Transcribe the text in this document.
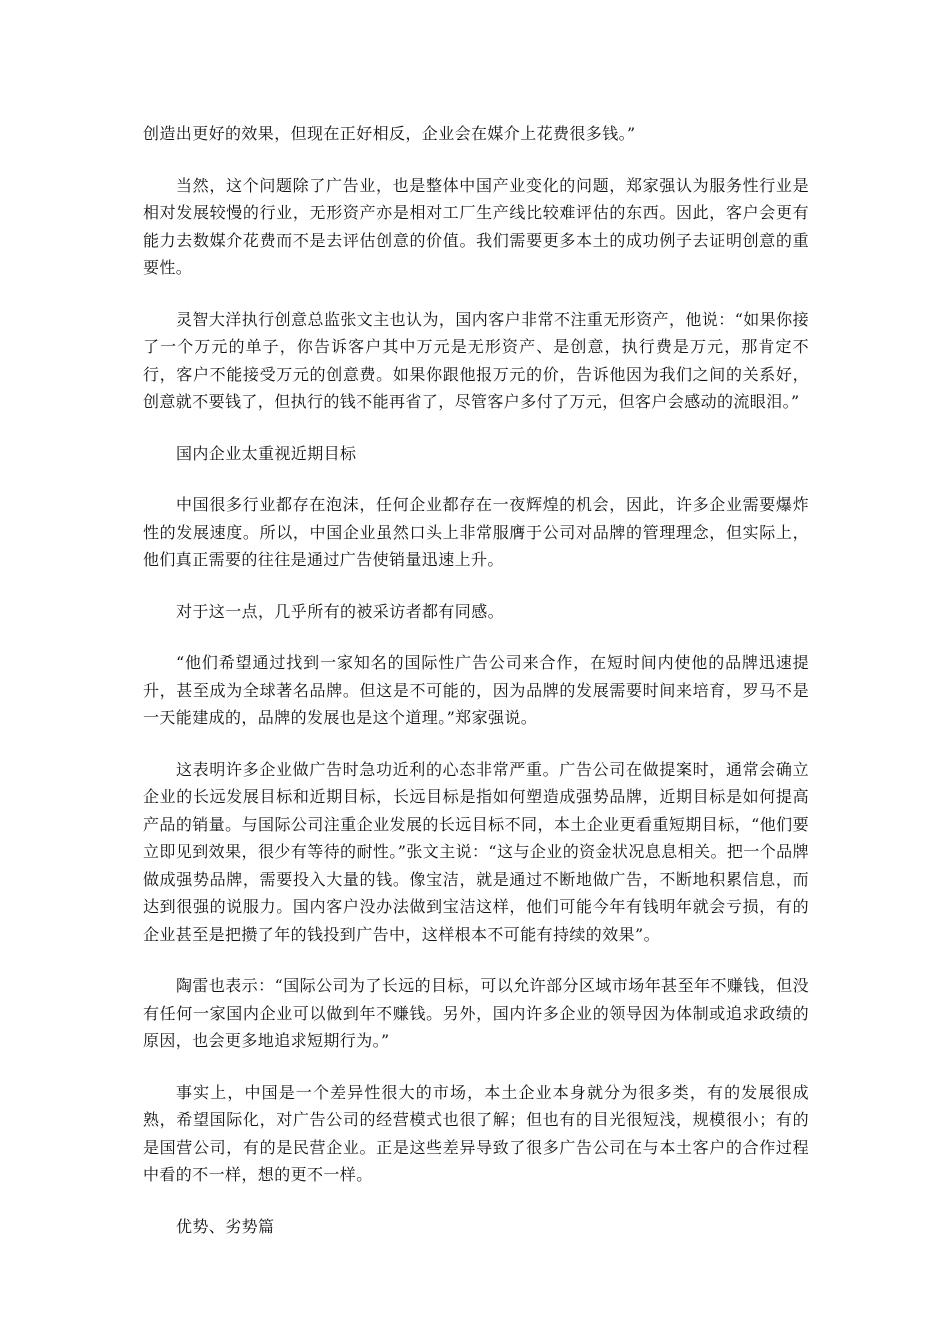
创造出更好的效果，但现在正好相反，企业会在媒介上花费很多钱。”

当然，这个问题除了广告业，也是整体中国产业变化的问题，郑家强认为服务性行业是相对发展较慢的行业，无形资产亦是相对工厂生产线比较难评估的东西。因此，客户会更有能力去数媒介花费而不是去评估创意的价值。我们需要更多本土的成功例子去证明创意的重要性。

灵智大洋执行创意总监张文主也认为，国内客户非常不注重无形资产，他说：“如果你接了一个万元的单子，你告诉客户其中万元是无形资产、是创意，执行费是万元，那肯定不行，客户不能接受万元的创意费。如果你跟他报万元的价，告诉他因为我们之间的关系好，创意就不要钱了，但执行的钱不能再省了，尽管客户多付了万元，但客户会感动的流眼泪。”

国内企业太重视近期目标

中国很多行业都存在泡沫，任何企业都存在一夜辉煌的机会，因此，许多企业需要爆炸性的发展速度。所以，中国企业虽然口头上非常服膺于公司对品牌的管理理念，但实际上，他们真正需要的往往是通过广告使销量迅速上升。

对于这一点，几乎所有的被采访者都有同感。

“他们希望通过找到一家知名的国际性广告公司来合作，在短时间内使他的品牌迅速提升，甚至成为全球著名品牌。但这是不可能的，因为品牌的发展需要时间来培育，罗马不是一天能建成的，品牌的发展也是这个道理。”郑家强说。

这表明许多企业做广告时急功近利的心态非常严重。广告公司在做提案时，通常会确立企业的长远发展目标和近期目标，长远目标是指如何塑造成强势品牌，近期目标是如何提高产品的销量。与国际公司注重企业发展的长远目标不同，本土企业更看重短期目标，“他们要立即见到效果，很少有等待的耐性。”张文主说：“这与企业的资金状况息息相关。把一个品牌做成强势品牌，需要投入大量的钱。像宝洁，就是通过不断地做广告，不断地积累信息，而达到很强的说服力。国内客户没办法做到宝洁这样，他们可能今年有钱明年就会亏损，有的企业甚至是把攒了年的钱投到广告中，这样根本不可能有持续的效果”。

陶雷也表示：“国际公司为了长远的目标，可以允许部分区域市场年甚至年不赚钱，但没有任何一家国内企业可以做到年不赚钱。另外，国内许多企业的领导因为体制或追求政绩的原因，也会更多地追求短期行为。”

事实上，中国是一个差异性很大的市场，本土企业本身就分为很多类，有的发展很成熟，希望国际化，对广告公司的经营模式也很了解；但也有的目光很短浅，规模很小；有的是国营公司，有的是民营企业。正是这些差异导致了很多广告公司在与本土客户的合作过程中看的不一样，想的更不一样。

优势、劣势篇
